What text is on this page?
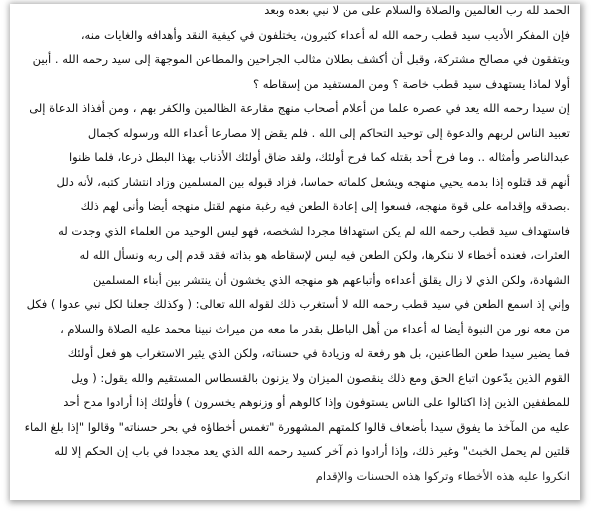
الحمد لله رب العالمين والصلاة والسلام على من لا نبي بعده وبعد
فإن المفكر الأديب سيد قطب رحمه الله له أعداء كثيرون، يختلفون في كيفية النقد وأهدافه والغايات منه،
ويتفقون في مصالح مشتركة، وقبل أن أكشف بطلان مثالب الجراحين والمطاعن الموجهة إلى سيد رحمه الله . أبين
أولا لماذا يستهدف سيد قطب خاصة ؟ ومن المستفيد من إسقاطه ؟
إن سيدا رحمه الله يعد في عصره علما من أعلام أصحاب منهج مقارعة الظالمين والكفر بهم ، ومن أفذاذ الدعاة إلى
تعبيد الناس لربهم والدعوة إلى توحيد التحاكم إلى الله . فلم يقض إلا مصارعا أعداء الله ورسوله كجمال
عبدالناصر وأمثاله .. وما فرح أحد بقتله كما فرح أولئك، ولقد ضاق أولئك الأذناب بهذا البطل ذرعا، فلما ظنوا
أنهم قد قتلوه إذا بدمه يحيي منهجه ويشعل كلماته حماسا، فزاد قبوله بين المسلمين وزاد انتشار كتبه، لأنه دلل
.بصدقه وإقدامه على قوة منهجه، فسعوا إلى إعادة الطعن فيه رغبة منهم لقتل منهجه أيضا وأنى لهم ذلك
فاستهداف سيد قطب رحمه الله لم يكن استهدافا مجردا لشخصه، فهو ليس الوحيد من العلماء الذي وجدت له
العثرات، فعنده أخطاء لا ننكرها، ولكن الطعن فيه ليس لإسقاطه هو بذاته فقد قدم إلى ربه ونسأل الله له
الشهادة، ولكن الذي لا زال يقلق أعداءه وأتباعهم هو منهجه الذي يخشون أن ينتشر بين أبناء المسلمين
وإني إذ اسمع الطعن في سيد قطب رحمه الله لا أستغرب ذلك لقوله الله تعالى: ( وكذلك جعلنا لكل نبي عدوا ) فكل
من معه نور من النبوة أيضا له أعداء من أهل الباطل بقدر ما معه من ميراث نبينا محمد عليه الصلاة والسلام ،
فما يضير سيدا طعن الطاعنين، بل هو رفعة له وزيادة في حسناته، ولكن الذي يثير الاستغراب هو فعل أولئك
القوم الذين يدّعون اتباع الحق ومع ذلك ينقصون الميزان ولا يزنون بالقسطاس المستقيم والله يقول: ( ويل
للمطففين الذين إذا اكتالوا على الناس يستوفون وإذا كالوهم أو وزنوهم يخسرون ) فأولئك إذا أرادوا مدح أحد
عليه من المآخذ ما يفوق سيدا بأضعاف قالوا كلمتهم المشهورة "تغمس أخطاؤه في بحر حسناته" وقالوا "إذا بلغ الماء
قلتين لم يحمل الخبث" وغير ذلك، وإذا أرادوا ذم آخر كسيد رحمه الله الذي يعد مجددا في باب إن الحكم إلا لله
انكروا عليه هذه الأخطاء وتركوا هذه الحسنات والإقدام
